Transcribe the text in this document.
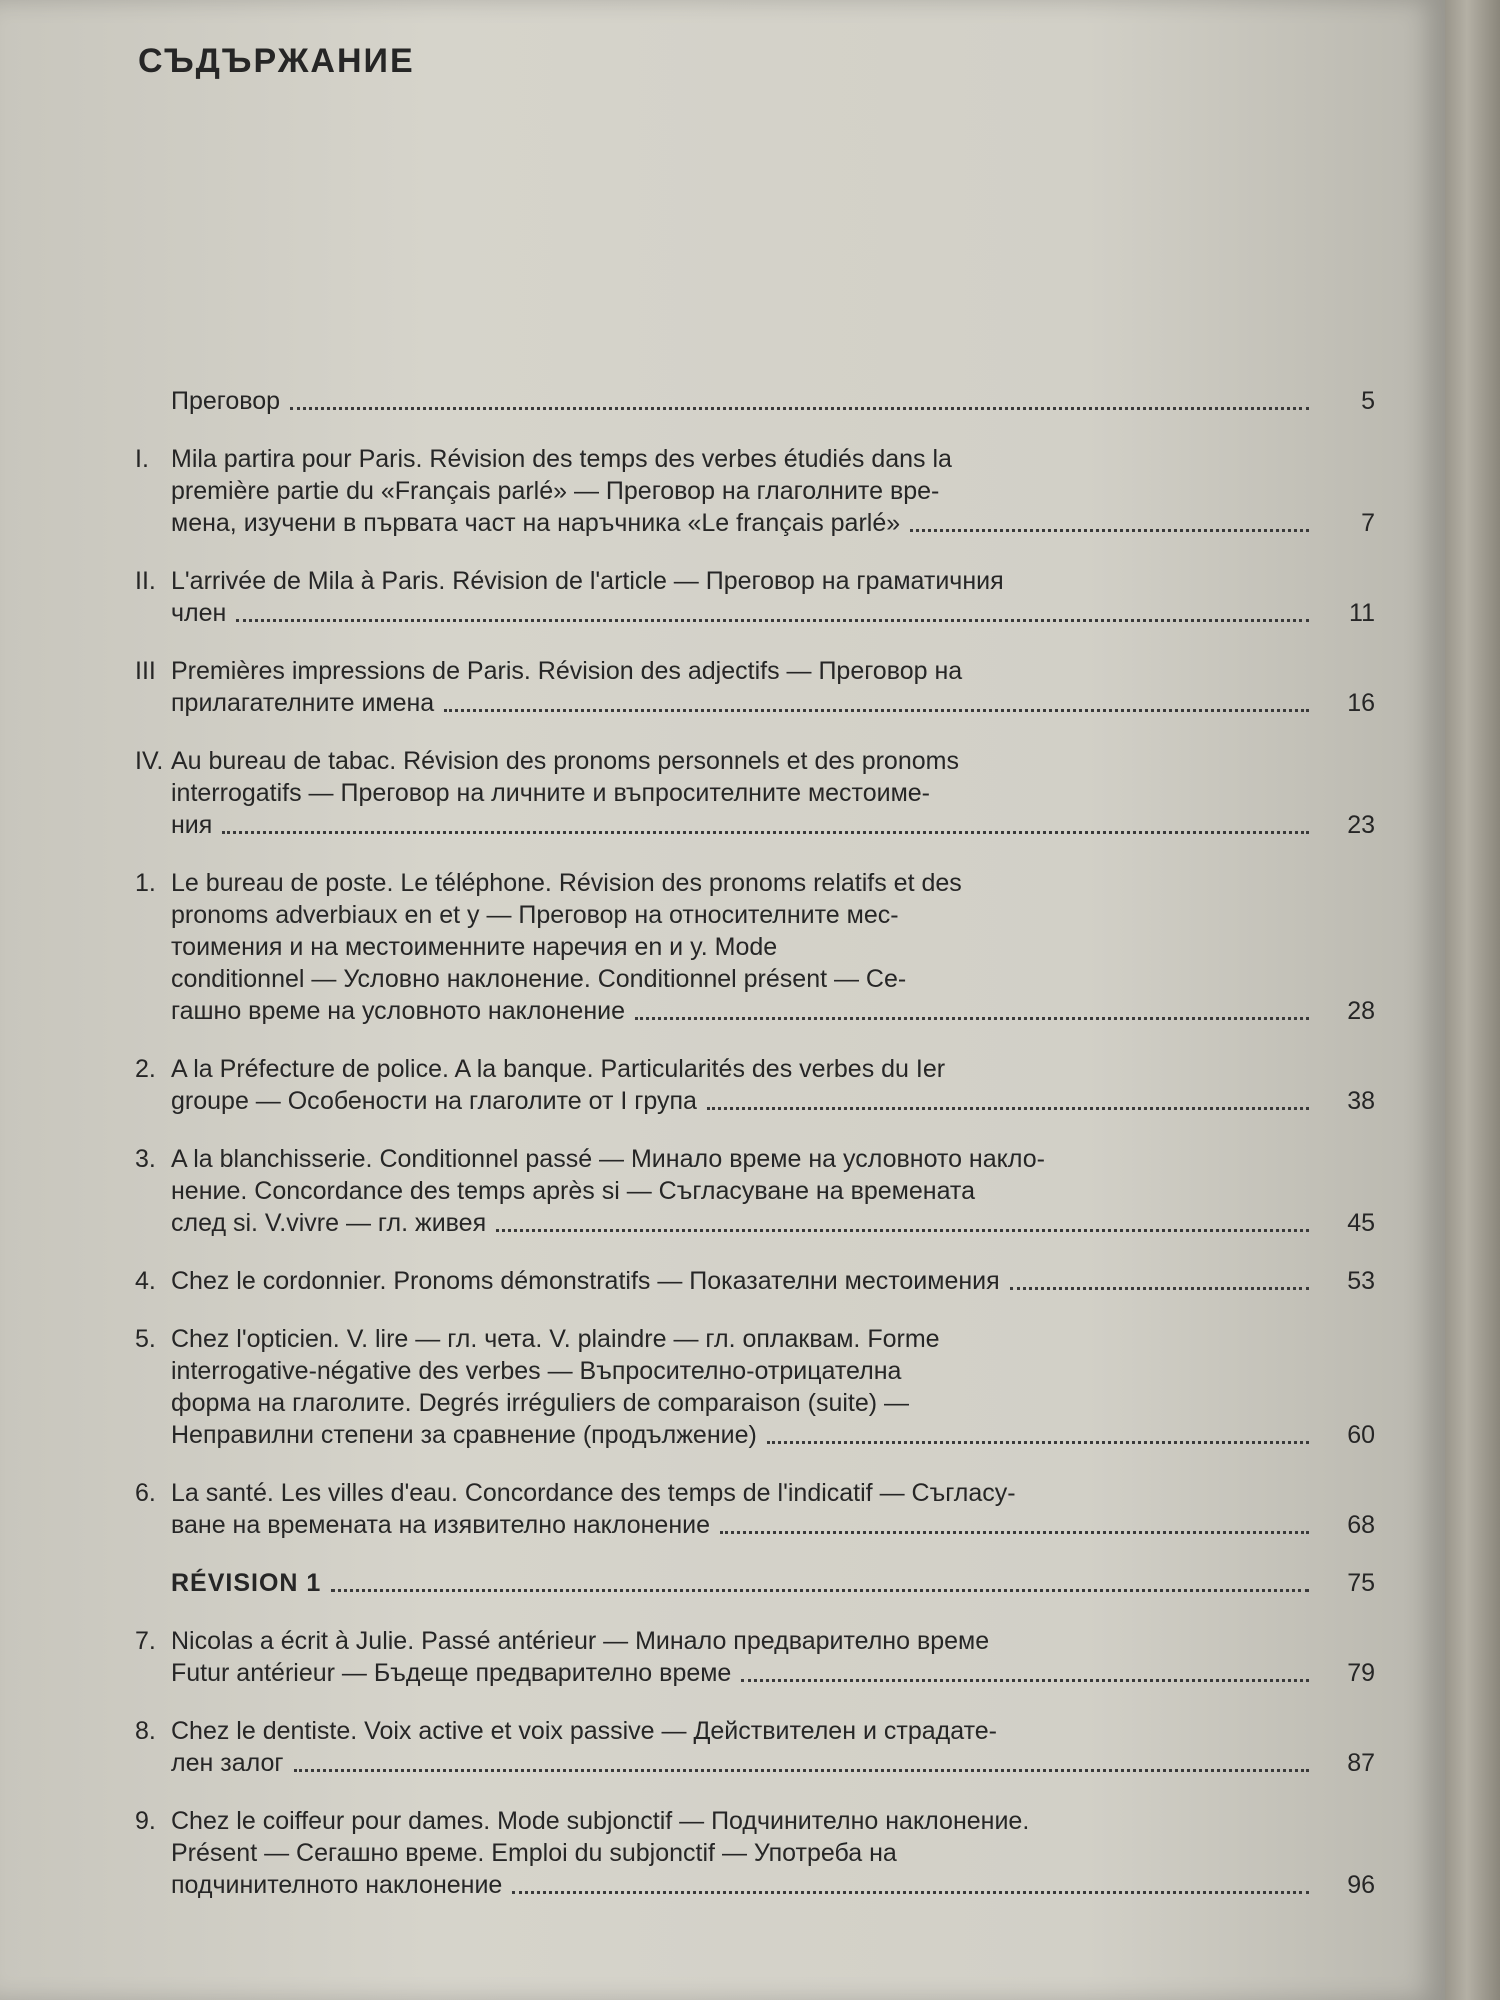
СЪДЪРЖАНИЕ
Преговор	5
I. Mila partira pour Paris. Révision des temps des verbes étudiés dans la
première partie du «Français parlé» — Преговор на глаголните вре-
мена, изучени в първата част на наръчника «Le français parlé»	7
II. L'arrivée de Mila à Paris. Révision de l'article — Преговор на граматичния
член	11
III Premières impressions de Paris. Révision des adjectifs — Преговор на
прилагателните имена	16
IV. Au bureau de tabac. Révision des pronoms personnels et des pronoms
interrogatifs — Преговор на личните и въпросителните местоиме-
ния	23
1. Le bureau de poste. Le téléphone. Révision des pronoms relatifs et des
pronoms adverbiaux en et y — Преговор на относителните мес-
тоимения и на местоименните наречия en и y. Mode
conditionnel — Условно наклонение. Conditionnel présent — Се-
гашно време на условното наклонение	28
2. A la Préfecture de police. A la banque. Particularités des verbes du Ier
groupe — Особености на глаголите от I група	38
3. A la blanchisserie. Conditionnel passé — Минало време на условното накло-
нение. Concordance des temps après si — Съгласуване на времената
след si. V.vivre — гл. живея	45
4. Chez le cordonnier. Pronoms démonstratifs — Показателни местоимения	53
5. Chez l'opticien. V. lire — гл. чета. V. plaindre — гл. оплаквам. Forme
interrogative-négative des verbes — Въпросително-отрицателна
форма на глаголите. Degrés irréguliers de comparaison (suite) —
Неправилни степени за сравнение (продължение)	60
6. La santé. Les villes d'eau. Concordance des temps de l'indicatif — Съгласу-
ване на времената на изявително наклонение	68
RÉVISION 1	75
7. Nicolas a écrit à Julie. Passé antérieur — Минало предварително време
Futur antérieur — Бъдеще предварително време	79
8. Chez le dentiste. Voix active et voix passive — Действителен и страдате-
лен залог	87
9. Chez le coiffeur pour dames. Mode subjonctif — Подчинително наклонение.
Présent — Сегашно време. Emploi du subjonctif — Употреба на
подчинителното наклонение	96
